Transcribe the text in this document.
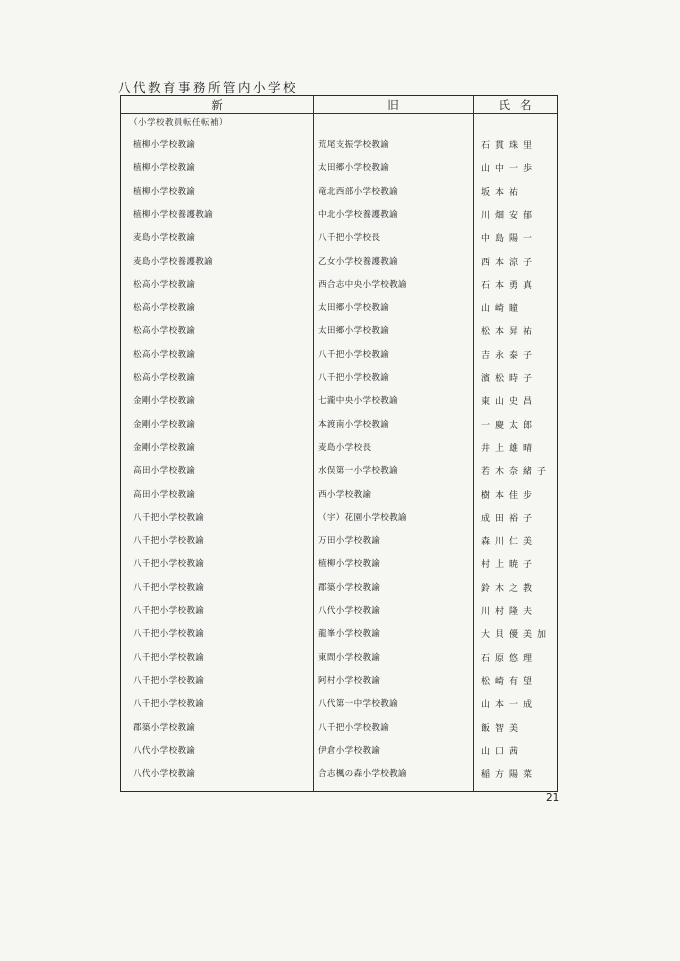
八代教育事務所管内小学校
新	旧	氏名
（小学校教員転任転補）
植柳小学校教諭	荒尾支振学校教諭	石貫珠里
植柳小学校教諭	太田郷小学校教諭	山中一歩
植柳小学校教諭	竜北西部小学校教諭	坂本祐
植柳小学校養護教諭	中北小学校養護教諭	川畑安郁
麦島小学校教諭	八千把小学校長	中島陽一
麦島小学校養護教諭	乙女小学校養護教諭	西本涼子
松高小学校教諭	西合志中央小学校教諭	石本勇真
松高小学校教諭	太田郷小学校教諭	山崎瞳
松高小学校教諭	太田郷小学校教諭	松本昇祐
松高小学校教諭	八千把小学校教諭	吉永泰子
松高小学校教諭	八千把小学校教諭	濱松時子
金剛小学校教諭	七瀧中央小学校教諭	東山史昌
金剛小学校教諭	本渡南小学校教諭	一慶太郎
金剛小学校教諭	麦島小学校長	井上雄晴
高田小学校教諭	水俣第一小学校教諭	若木奈緒子
高田小学校教諭	西小学校教諭	樹本佳步
八千把小学校教諭	（宇）花園小学校教諭	成田裕子
八千把小学校教諭	万田小学校教諭	森川仁美
八千把小学校教諭	植柳小学校教諭	村上暁子
八千把小学校教諭	郡築小学校教諭	鈴木之教
八千把小学校教諭	八代小学校教諭	川村隆夫
八千把小学校教諭	龍峯小学校教諭	大貝優美加
八千把小学校教諭	東間小学校教諭	石原悠理
八千把小学校教諭	阿村小学校教諭	松崎有望
八千把小学校教諭	八代第一中学校教諭	山本一成
郡築小学校教諭	八千把小学校教諭	飯智美
八代小学校教諭	伊倉小学校教諭	山口茜
八代小学校教諭	合志楓の森小学校教諭	稲方陽菜
21
